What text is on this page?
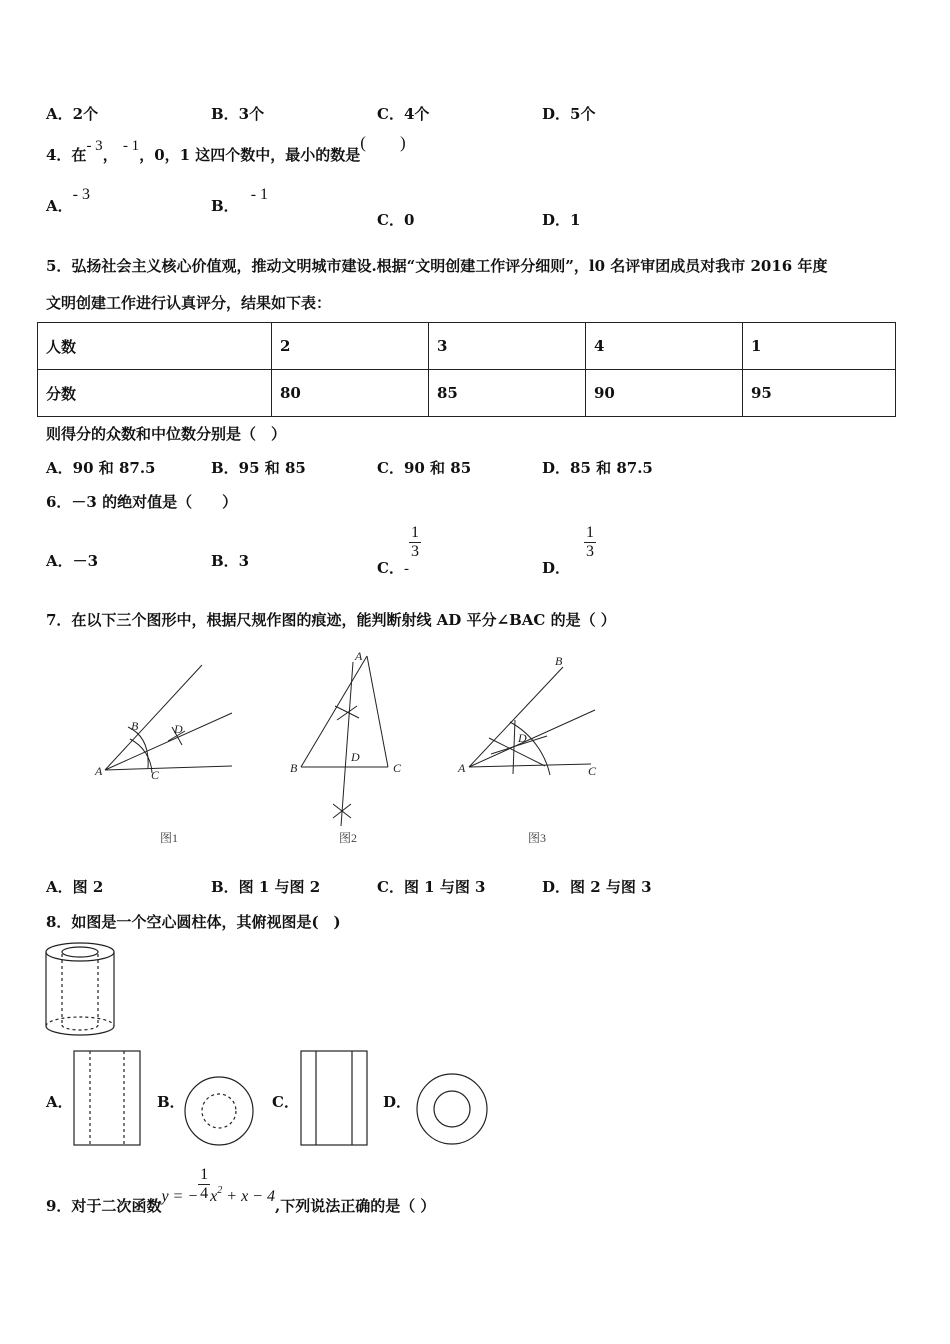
A．2个	B．3个	C．4个	D．5个
4．在- 3， - 1，0，1 这四个数中，最小的数是(　　)
A．- 3
B．- 1
C．0	D．1
5．弘扬社会主义核心价值观，推动文明城市建设.根据“文明创建工作评分细则”，l0 名评审团成员对我市 2016 年度
文明创建工作进行认真评分，结果如下表：
人数	2	3	4	1
分数	80	85	90	95
则得分的众数和中位数分别是（　）
A．90 和 87.5	B．95 和 85	C．90 和 85	D．85 和 87.5
6．－3 的绝对值是（　　）
A．－3	B．3	C．-
$\frac{1}{3}$
D．
$\frac{1}{3}$
7．在以下三个图形中，根据尺规作图的痕迹，能判断射线 AD 平分∠BAC 的是（ ）
A
B
C
D
图1
A
B	C
D
图2
A
B
C
D
图3
A．图 2	B．图 1 与图 2	C．图 1 与图 3	D．图 2 与图 3
8．如图是一个空心圆柱体，其俯视图是(　)
A．	B．	C．	D．
9．对于二次函数y = − $\frac{1}{4} x_2 + x - 4$,下列说法正确的是（ ）
